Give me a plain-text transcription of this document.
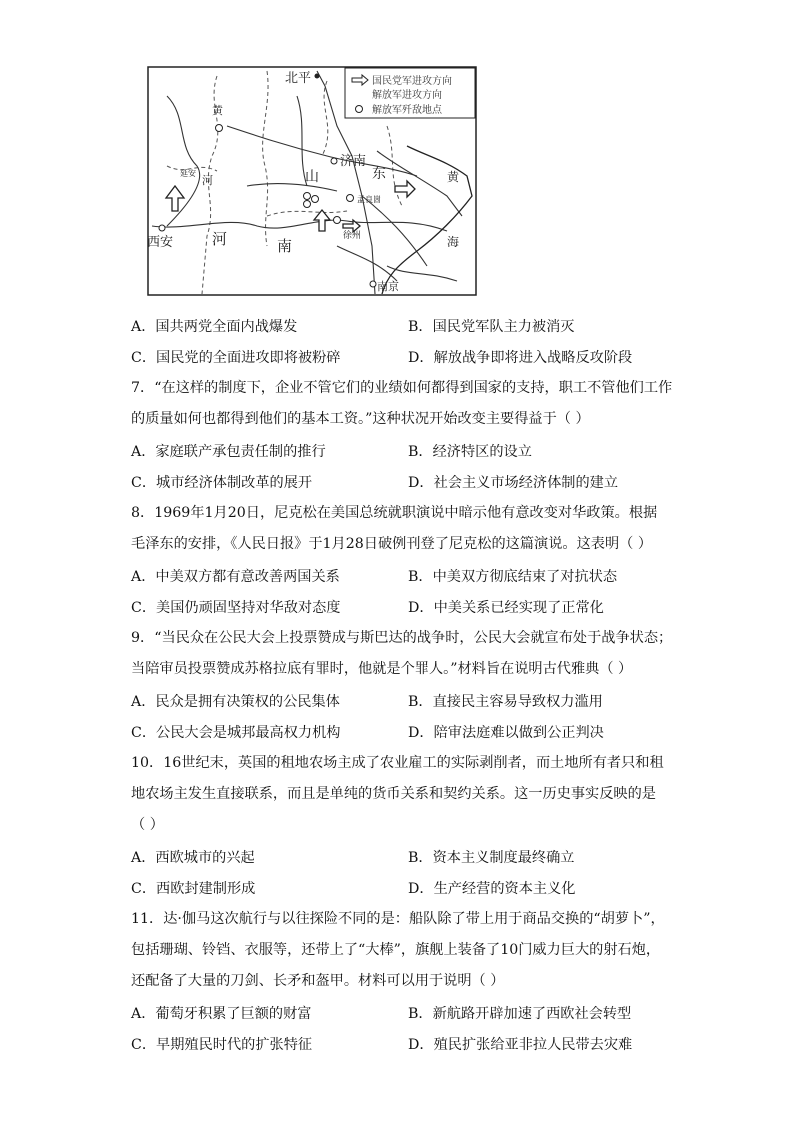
国民党军进攻方向
解放军进攻方向
解放军歼敌地点
北平
济南
西安
南京
河	南
山	东	黄
海
徐州
延安
黄
河
孟良崮
A．国共两党全面内战爆发	B．国民党军队主力被消灭
C．国民党的全面进攻即将被粉碎	D．解放战争即将进入战略反攻阶段
7．“在这样的制度下，企业不管它们的业绩如何都得到国家的支持，职工不管他们工作
的质量如何也都得到他们的基本工资。”这种状况开始改变主要得益于（ ）
A．家庭联产承包责任制的推行	B．经济特区的设立
C．城市经济体制改革的展开	D．社会主义市场经济体制的建立
8．1969年1月20日，尼克松在美国总统就职演说中暗示他有意改变对华政策。根据
毛泽东的安排，《人民日报》于1月28日破例刊登了尼克松的这篇演说。这表明（ ）
A．中美双方都有意改善两国关系	B．中美双方彻底结束了对抗状态
C．美国仍顽固坚持对华敌对态度	D．中美关系已经实现了正常化
9．“当民众在公民大会上投票赞成与斯巴达的战争时，公民大会就宣布处于战争状态；
当陪审员投票赞成苏格拉底有罪时，他就是个罪人。”材料旨在说明古代雅典（ ）
A．民众是拥有决策权的公民集体	B．直接民主容易导致权力滥用
C．公民大会是城邦最高权力机构	D．陪审法庭难以做到公正判决
10．16世纪末，英国的租地农场主成了农业雇工的实际剥削者，而土地所有者只和租
地农场主发生直接联系，而且是单纯的货币关系和契约关系。这一历史事实反映的是
（ ）
A．西欧城市的兴起	B．资本主义制度最终确立
C．西欧封建制形成	D．生产经营的资本主义化
11．达·伽马这次航行与以往探险不同的是：船队除了带上用于商品交换的“胡萝卜”，
包括珊瑚、铃铛、衣服等，还带上了“大棒”，旗舰上装备了10门威力巨大的射石炮，
还配备了大量的刀剑、长矛和盔甲。材料可以用于说明（ ）
A．葡萄牙积累了巨额的财富	B．新航路开辟加速了西欧社会转型
C．早期殖民时代的扩张特征	D．殖民扩张给亚非拉人民带去灾难
